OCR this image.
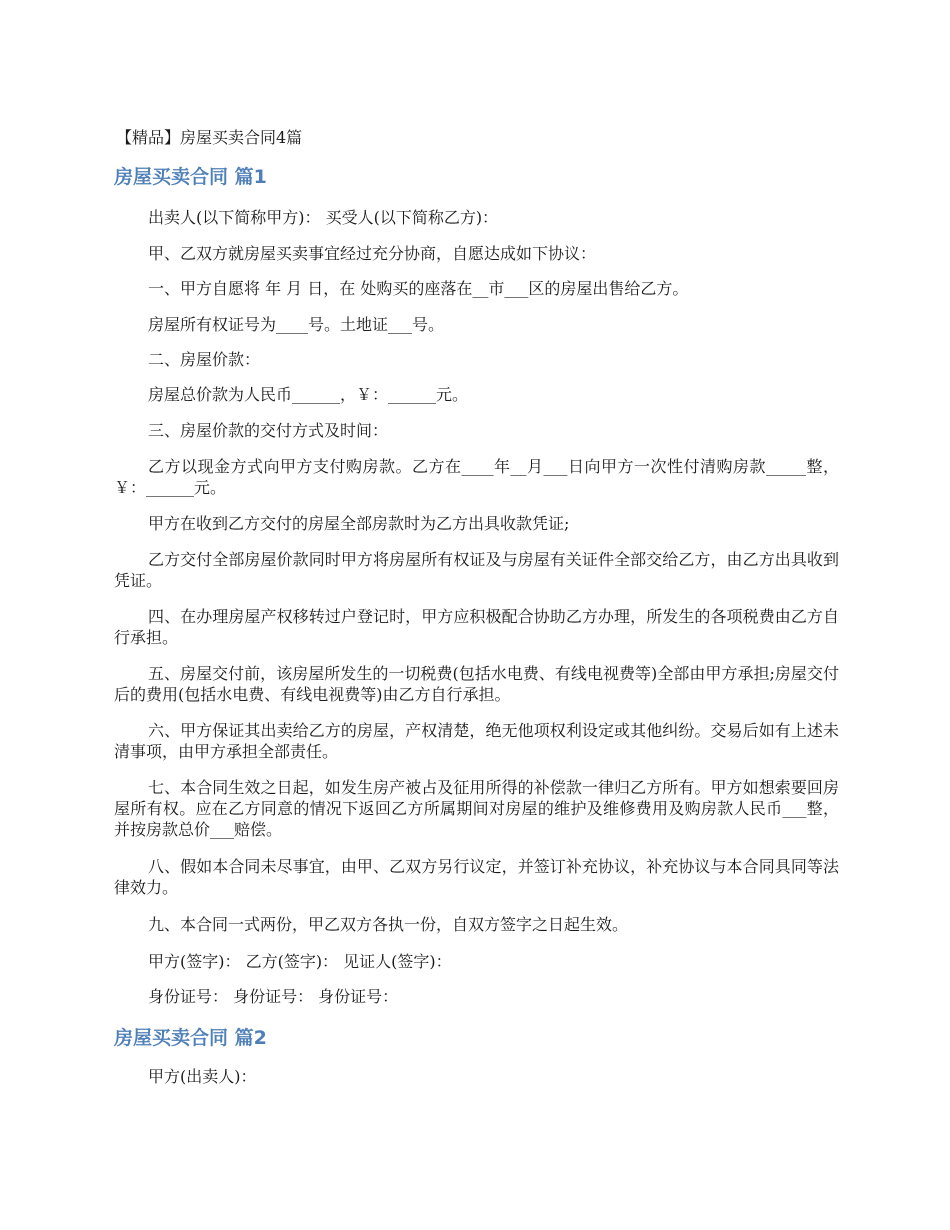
【精品】房屋买卖合同4篇
房屋买卖合同 篇1

出卖人(以下简称甲方)： 买受人(以下简称乙方)：

甲、乙双方就房屋买卖事宜经过充分协商，自愿达成如下协议：

一、甲方自愿将 年 月 日，在 处购买的座落在__市___区的房屋出售给乙方。

房屋所有权证号为____号。土地证___号。

二、房屋价款：

房屋总价款为人民币______，￥：______元。

三、房屋价款的交付方式及时间：

乙方以现金方式向甲方支付购房款。乙方在____年__月___日向甲方一次性付清购房款_____整，￥：______元。

甲方在收到乙方交付的房屋全部房款时为乙方出具收款凭证;

乙方交付全部房屋价款同时甲方将房屋所有权证及与房屋有关证件全部交给乙方，由乙方出具收到凭证。

四、在办理房屋产权移转过户登记时，甲方应积极配合协助乙方办理，所发生的各项税费由乙方自行承担。

五、房屋交付前，该房屋所发生的一切税费(包括水电费、有线电视费等)全部由甲方承担;房屋交付后的费用(包括水电费、有线电视费等)由乙方自行承担。

六、甲方保证其出卖给乙方的房屋，产权清楚，绝无他项权利设定或其他纠纷。交易后如有上述未清事项，由甲方承担全部责任。

七、本合同生效之日起，如发生房产被占及征用所得的补偿款一律归乙方所有。甲方如想索要回房屋所有权。应在乙方同意的情况下返回乙方所属期间对房屋的维护及维修费用及购房款人民币___整，并按房款总价___赔偿。

八、假如本合同未尽事宜，由甲、乙双方另行议定，并签订补充协议，补充协议与本合同具同等法律效力。

九、本合同一式两份，甲乙双方各执一份，自双方签字之日起生效。

甲方(签字)： 乙方(签字)： 见证人(签字)：

身份证号： 身份证号： 身份证号：

房屋买卖合同 篇2

甲方(出卖人)：
